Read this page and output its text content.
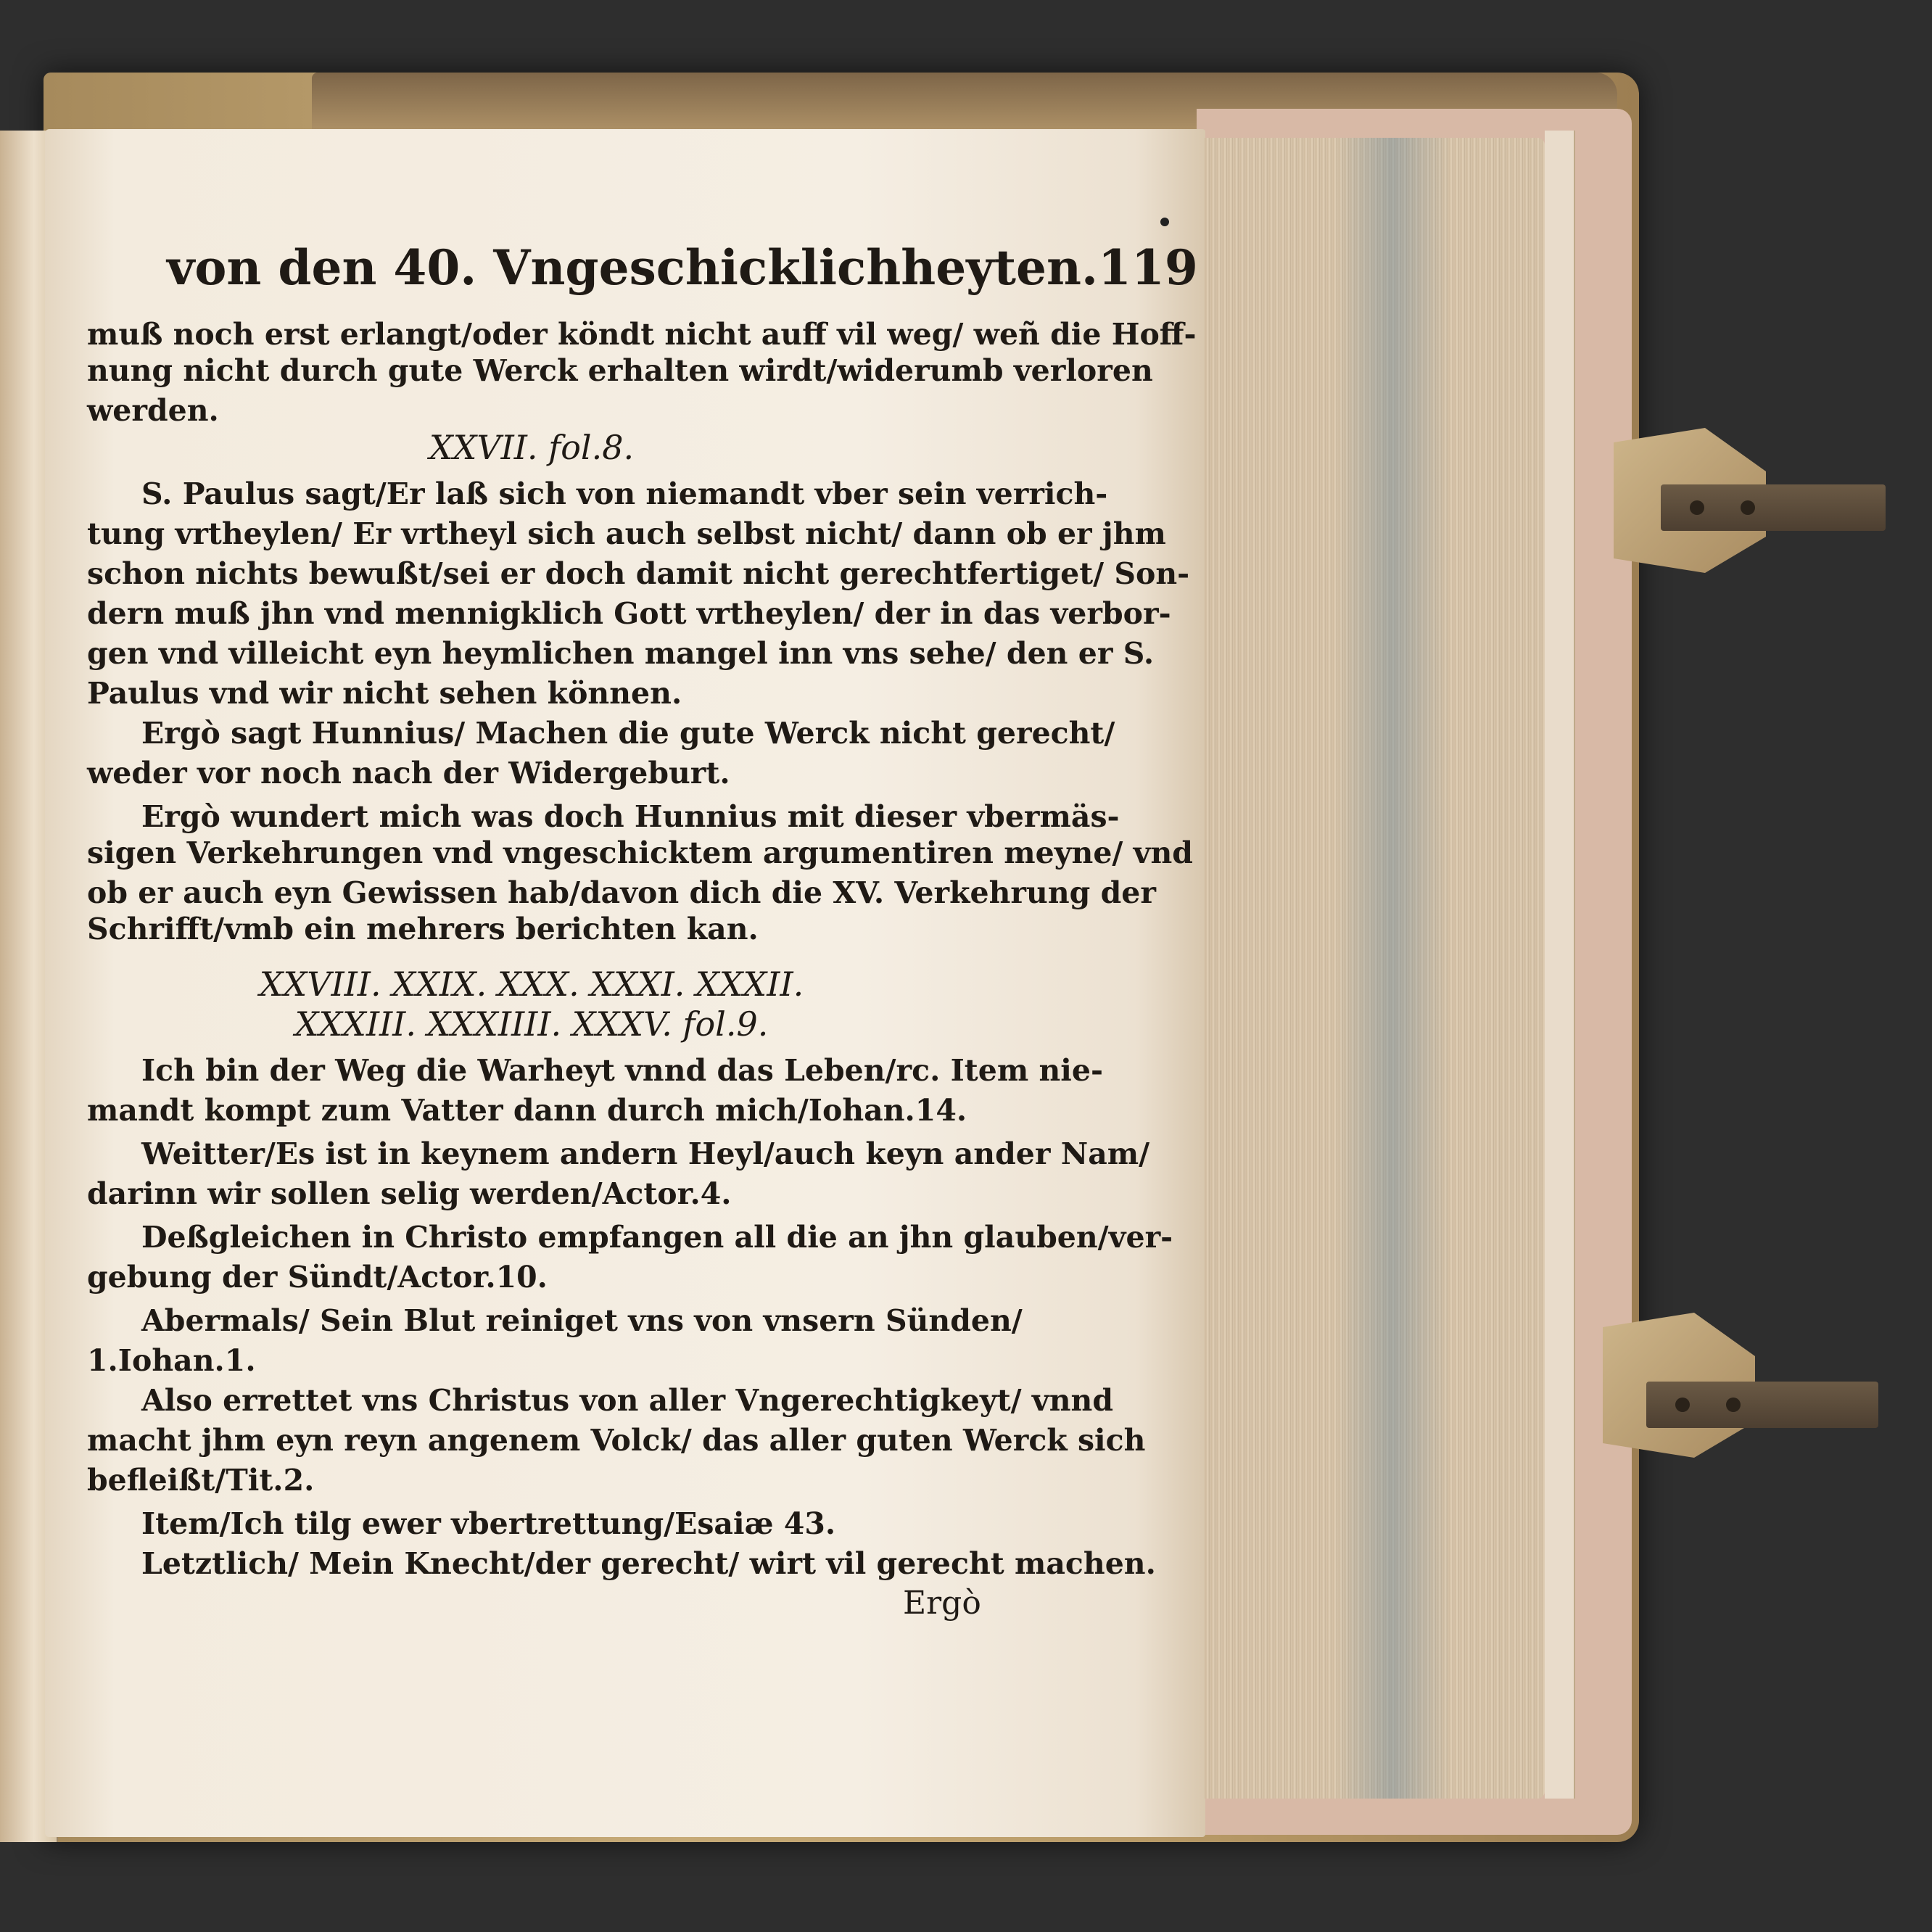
von den 40. Vngeschicklichheyten. 119
muß noch erst erlangt/oder köndt nicht auff vil weg/ weñ die Hoff-
nung nicht durch gute Werck erhalten wirdt/widerumb verloren
werden.
XXVII. fol.8.
S. Paulus sagt/Er laß sich von niemandt vber sein verrich-
tung vrtheylen/ Er vrtheyl sich auch selbst nicht/ dann ob er jhm
schon nichts bewußt/sei er doch damit nicht gerechtfertiget/ Son-
dern muß jhn vnd mennigklich Gott vrtheylen/ der in das verbor-
gen vnd villeicht eyn heymlichen mangel inn vns sehe/ den er S.
Paulus vnd wir nicht sehen können.
Ergò sagt Hunnius/ Machen die gute Werck nicht gerecht/
weder vor noch nach der Widergeburt.
Ergò wundert mich was doch Hunnius mit dieser vbermäs-
sigen Verkehrungen vnd vngeschicktem argumentiren meyne/ vnd
ob er auch eyn Gewissen hab/davon dich die XV. Verkehrung der
Schrifft/vmb ein mehrers berichten kan.
XXVIII. XXIX. XXX. XXXI. XXXII.
XXXIII. XXXIIII. XXXV. fol.9.
Ich bin der Weg die Warheyt vnnd das Leben/rc. Item nie-
mandt kompt zum Vatter dann durch mich/Iohan.14.
Weitter/Es ist in keynem andern Heyl/auch keyn ander Nam/
darinn wir sollen selig werden/Actor.4.
Deßgleichen in Christo empfangen all die an jhn glauben/ver-
gebung der Sündt/Actor.10.
Abermals/ Sein Blut reiniget vns von vnsern Sünden/
1.Iohan.1.
Also errettet vns Christus von aller Vngerechtigkeyt/ vnnd
macht jhm eyn reyn angenem Volck/ das aller guten Werck sich
befleißt/Tit.2.
Item/Ich tilg ewer vbertrettung/Esaiæ 43.
Letztlich/ Mein Knecht/der gerecht/ wirt vil gerecht machen.
Ergò
